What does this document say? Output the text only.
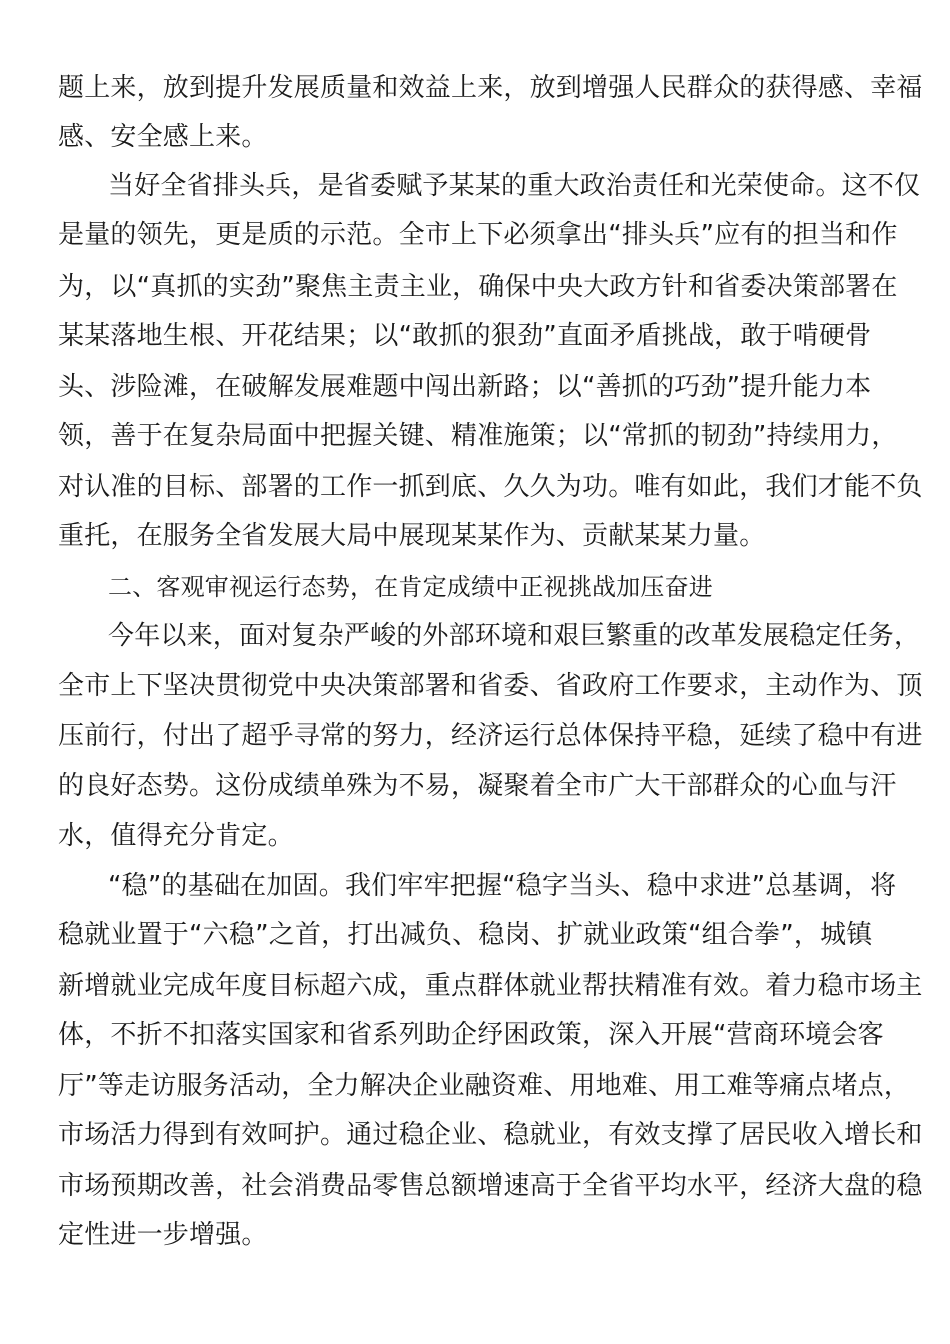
题上来，放到提升发展质量和效益上来，放到增强人民群众的获得感、幸福
感、安全感上来。
当好全省排头兵，是省委赋予某某的重大政治责任和光荣使命。这不仅
是量的领先，更是质的示范。全市上下必须拿出“排头兵”应有的担当和作
为，以“真抓的实劲”聚焦主责主业，确保中央大政方针和省委决策部署在
某某落地生根、开花结果；以“敢抓的狠劲”直面矛盾挑战，敢于啃硬骨
头、涉险滩，在破解发展难题中闯出新路；以“善抓的巧劲”提升能力本
领，善于在复杂局面中把握关键、精准施策；以“常抓的韧劲”持续用力，
对认准的目标、部署的工作一抓到底、久久为功。唯有如此，我们才能不负
重托，在服务全省发展大局中展现某某作为、贡献某某力量。
二、客观审视运行态势，在肯定成绩中正视挑战加压奋进
今年以来，面对复杂严峻的外部环境和艰巨繁重的改革发展稳定任务，
全市上下坚决贯彻党中央决策部署和省委、省政府工作要求，主动作为、顶
压前行，付出了超乎寻常的努力，经济运行总体保持平稳，延续了稳中有进
的良好态势。这份成绩单殊为不易，凝聚着全市广大干部群众的心血与汗
水，值得充分肯定。
“稳”的基础在加固。我们牢牢把握“稳字当头、稳中求进”总基调，将
稳就业置于“六稳”之首，打出减负、稳岗、扩就业政策“组合拳”，城镇
新增就业完成年度目标超六成，重点群体就业帮扶精准有效。着力稳市场主
体，不折不扣落实国家和省系列助企纾困政策，深入开展“营商环境会客
厅”等走访服务活动，全力解决企业融资难、用地难、用工难等痛点堵点，
市场活力得到有效呵护。通过稳企业、稳就业，有效支撑了居民收入增长和
市场预期改善，社会消费品零售总额增速高于全省平均水平，经济大盘的稳
定性进一步增强。
